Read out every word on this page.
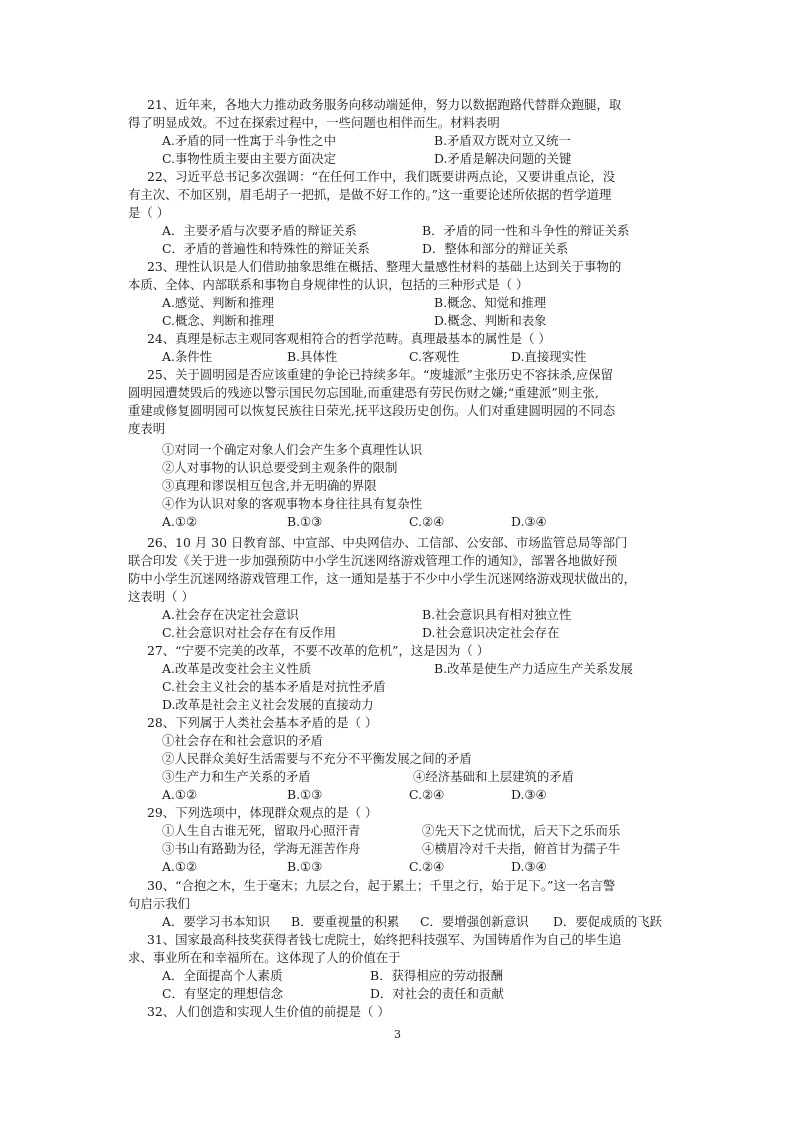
21、近年来，各地大力推动政务服务向移动端延伸，努力以数据跑路代替群众跑腿，取
得了明显成效。不过在探索过程中，一些问题也相伴而生。材料表明
A.矛盾的同一性寓于斗争性之中	B.矛盾双方既对立又统一
C.事物性质主要由主要方面决定	D.矛盾是解决问题的关键
22、习近平总书记多次强调：“在任何工作中，我们既要讲两点论，又要讲重点论，没
有主次、不加区别，眉毛胡子一把抓，是做不好工作的。”这一重要论述所依据的哲学道理
是（ ）
A．主要矛盾与次要矛盾的辩证关系	B．矛盾的同一性和斗争性的辩证关系
C．矛盾的普遍性和特殊性的辩证关系	D．整体和部分的辩证关系
23、理性认识是人们借助抽象思维在概括、整理大量感性材料的基础上达到关于事物的
本质、全体、内部联系和事物自身规律性的认识，包括的三种形式是（ ）
A.感觉、判断和推理	B.概念、知觉和推理
C.概念、判断和推理	D.概念、判断和表象
24、真理是标志主观同客观相符合的哲学范畴。真理最基本的属性是（ ）
A.条件性	B.具体性	C.客观性	D.直接现实性
25、关于圆明园是否应该重建的争论已持续多年。“废墟派”主张历史不容抹杀,应保留
圆明园遭焚毁后的残迹以警示国民勿忘国耻,而重建恐有劳民伤财之嫌;“重建派”则主张,
重建或修复圆明园可以恢复民族往日荣光,抚平这段历史创伤。人们对重建圆明园的不同态
度表明
①对同一个确定对象人们会产生多个真理性认识
②人对事物的认识总要受到主观条件的限制
③真理和谬误相互包含,并无明确的界限
④作为认识对象的客观事物本身往往具有复杂性
A.①②	B.①③	C.②④	D.③④
26、10 月 30 日教育部、中宣部、中央网信办、工信部、公安部、市场监管总局等部门
联合印发《关于进一步加强预防中小学生沉迷网络游戏管理工作的通知》，部署各地做好预
防中小学生沉迷网络游戏管理工作，这一通知是基于不少中小学生沉迷网络游戏现状做出的，
这表明（ ）
A.社会存在决定社会意识	B.社会意识具有相对独立性
C.社会意识对社会存在有反作用	D.社会意识决定社会存在
27、“宁要不完美的改革，不要不改革的危机”，这是因为（ ）
A.改革是改变社会主义性质	B.改革是使生产力适应生产关系发展
C.社会主义社会的基本矛盾是对抗性矛盾
D.改革是社会主义社会发展的直接动力
28、下列属于人类社会基本矛盾的是（ ）
①社会存在和社会意识的矛盾
②人民群众美好生活需要与不充分不平衡发展之间的矛盾
③生产力和生产关系的矛盾	④经济基础和上层建筑的矛盾
A.①②	B.①③	C.②④	D.③④
29、下列选项中，体现群众观点的是（ ）
①人生自古谁无死，留取丹心照汗青	②先天下之忧而忧，后天下之乐而乐
③书山有路勤为径，学海无涯苦作舟	④横眉冷对千夫指，俯首甘为孺子牛
A.①②	B.①③	C.②④	D.③④
30、“合抱之木，生于毫末；九层之台，起于累土；千里之行，始于足下。”这一名言警
句启示我们
A．要学习书本知识 B．要重视量的积累 C．要增强创新意识 D．要促成质的飞跃
31、国家最高科技奖获得者钱七虎院士，始终把科技强军、为国铸盾作为自己的毕生追
求、事业所在和幸福所在。这体现了人的价值在于
A．全面提高个人素质	B．获得相应的劳动报酬
C．有坚定的理想信念	D．对社会的责任和贡献
32、人们创造和实现人生价值的前提是（ ）
3
